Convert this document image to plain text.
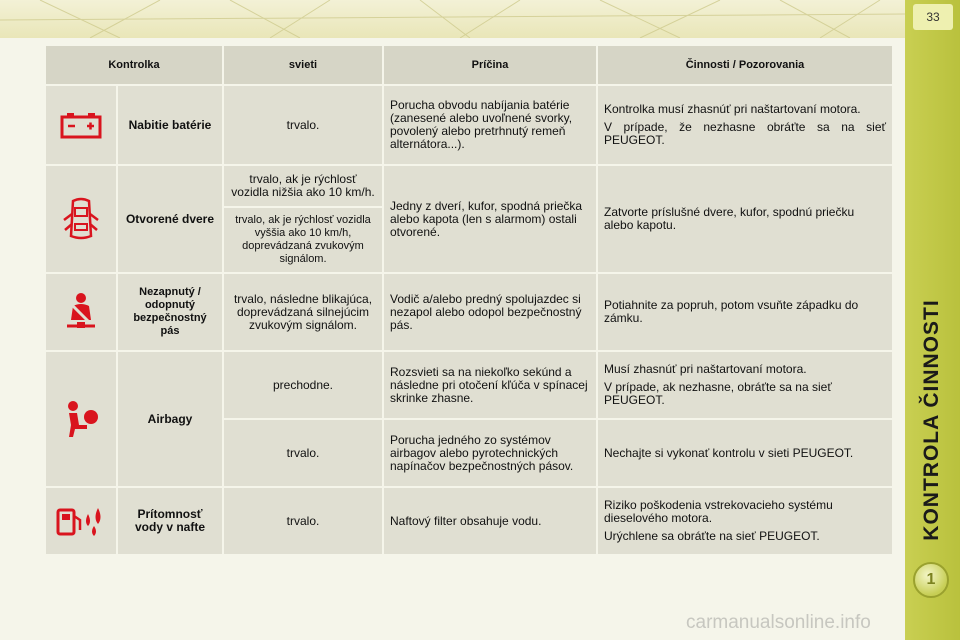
33
KONTROLA ČINNOSTI
1
Kontrolka		svieti	Príčina	Činnosti / Pozorovania

	Nabitie batérie	trvalo.	Porucha obvodu nabíjania batérie (zanesené alebo uvoľnené svorky, povolený alebo pretrhnutý remeň alternátora...).	Kontrolka musí zhasnúť pri naštartovaní motora.
V prípade, že nezhasne obráťte sa na sieť PEUGEOT.

	Otvorené dvere	trvalo, ak je rýchlosť vozidla nižšia ako 10 km/h.	Jedny z dverí, kufor, spodná priečka alebo kapota (len s alarmom) ostali otvorené.	Zatvorte príslušné dvere, kufor, spodnú priečku alebo kapotu.
		trvalo, ak je rýchlosť vozidla vyššia ako 10 km/h, doprevádzaná zvukovým signálom.		

	Nezapnutý / odopnutý bezpečnostný pás	trvalo, následne blikajúca, doprevádzaná silnejúcim zvukovým signálom.	Vodič a/alebo predný spolujazdec si nezapol alebo odopol bezpečnostný pás.	Potiahnite za popruh, potom vsuňte západku do zámku.

	Airbagy	prechodne.	Rozsvieti sa na niekoľko sekúnd a následne pri otočení kľúča v spínacej skrinke zhasne.	Musí zhasnúť pri naštartovaní motora.
V prípade, ak nezhasne, obráťte sa na sieť PEUGEOT.

		trvalo.	Porucha jedného zo systémov airbagov alebo pyrotechnických napínačov bezpečnostných pásov.	Nechajte si vykonať kontrolu v sieti PEUGEOT.

	Prítomnosť vody v nafte	trvalo.	Naftový filter obsahuje vodu.	Riziko poškodenia vstrekovacieho systému dieselového motora.
Urýchlene sa obráťte na sieť PEUGEOT.
carmanualsonline.info
